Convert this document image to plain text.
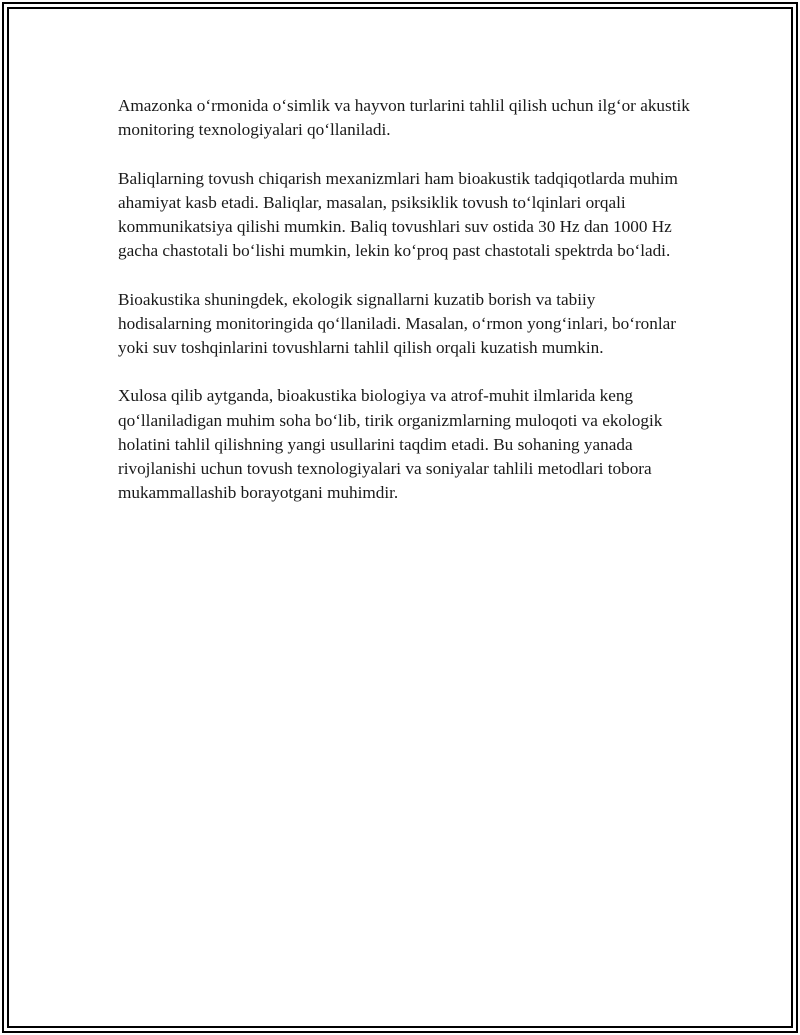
Amazonka o‘rmonida o‘simlik va hayvon turlarini tahlil qilish uchun ilg‘or akustik monitoring texnologiyalari qo‘llaniladi.

Baliqlarning tovush chiqarish mexanizmlari ham bioakustik tadqiqotlarda muhim ahamiyat kasb etadi. Baliqlar, masalan, psiksiklik tovush to‘lqinlari orqali kommunikatsiya qilishi mumkin. Baliq tovushlari suv ostida 30 Hz dan 1000 Hz gacha chastotali bo‘lishi mumkin, lekin ko‘proq past chastotali spektrda bo‘ladi.

Bioakustika shuningdek, ekologik signallarni kuzatib borish va tabiiy hodisalarning monitoringida qo‘llaniladi. Masalan, o‘rmon yong‘inlari, bo‘ronlar yoki suv toshqinlarini tovushlarni tahlil qilish orqali kuzatish mumkin.

Xulosa qilib aytganda, bioakustika biologiya va atrof-muhit ilmlarida keng qo‘llaniladigan muhim soha bo‘lib, tirik organizmlarning muloqoti va ekologik holatini tahlil qilishning yangi usullarini taqdim etadi. Bu sohaning yanada rivojlanishi uchun tovush texnologiyalari va soniyalar tahlili metodlari tobora mukammallashib borayotgani muhimdir.
